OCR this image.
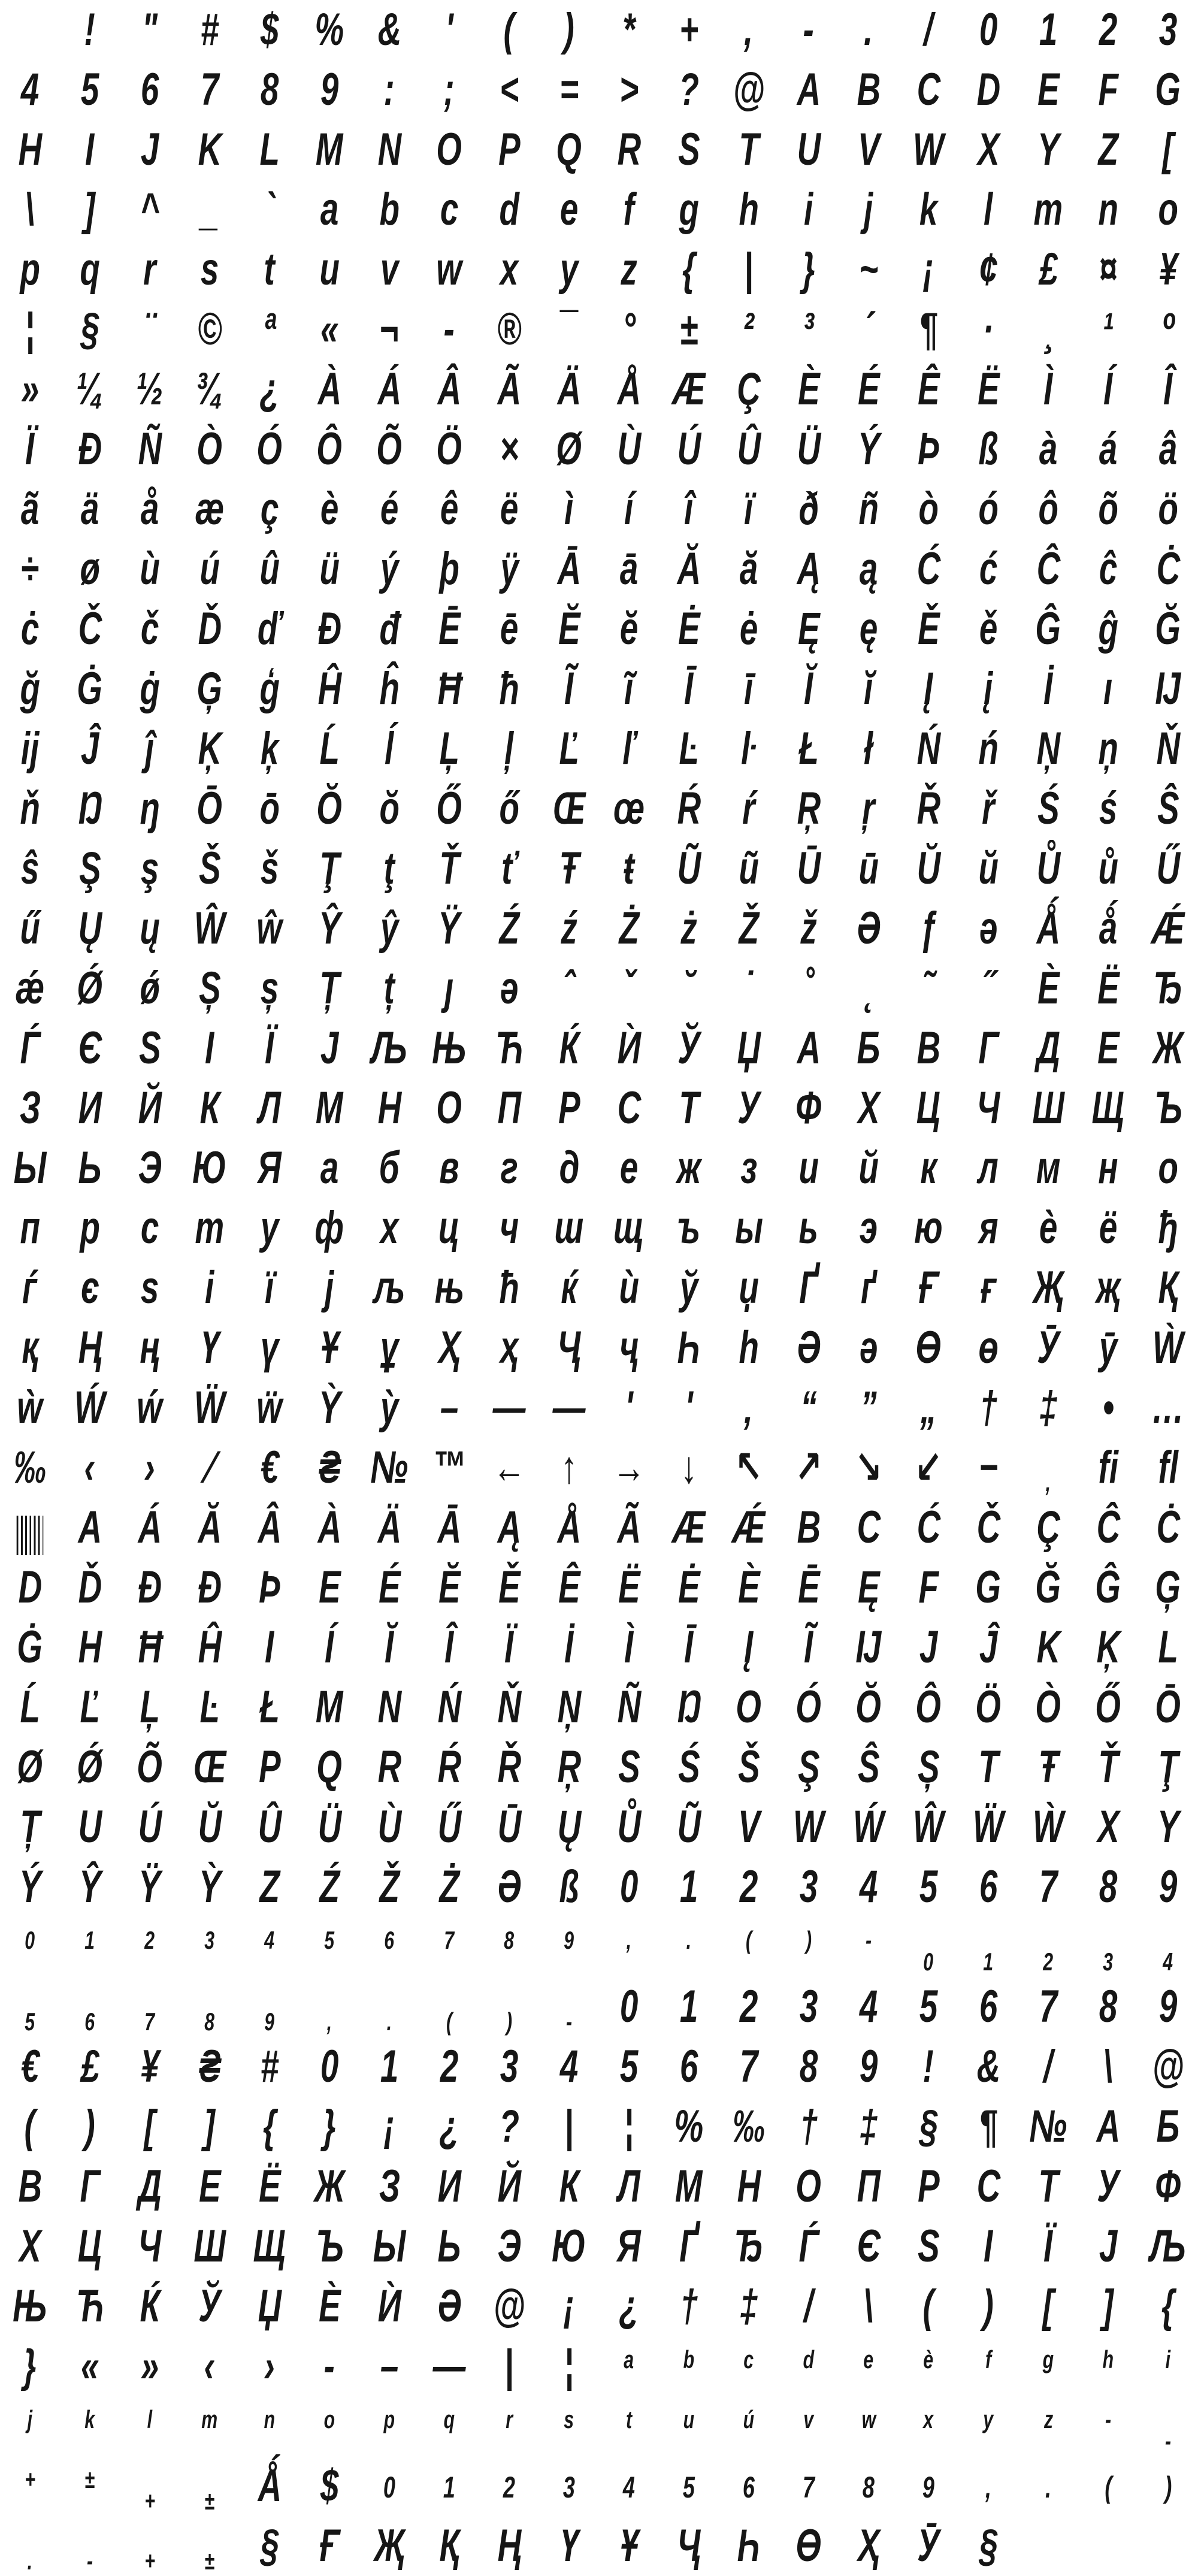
!	" # $ % & '	(	)	* +	,	-	.	/	0 1 2 3
4 5 6 7 8 9 :	; < = > ? @ A B C D E F G
H I	J K L M N O P Q R S T U V W X Y Z [
\	] ^ _ ` a b c d e f g h i	j	k	l m n o
p q r s t u v w x y z {	|	} ~ ¡ ¢ £ ¤ ¥
¦	§ ¨ © ª « ¬ - ® ¯ ° ± ²	³	´ ¶ ·	¸	¹	º
» ¼ ½ ¾ ¿ À Á Â Ã Ä Å Æ Ç È É Ê Ë Ì	Í	Î
Ï Ð Ñ Ò Ó Ô Õ Ö × Ø Ù Ú Û Ü Ý Þ ß à á â
ã ä å æ ç è é ê ë	ì	í	î	ï ð ñ ò ó ô õ ö
÷ ø ù ú û ü ý þ ÿ Ā ā Ă ă Ą ą Ć ć Ĉ ĉ Ċ
ċ Č č Ď ď Đ đ Ē ē Ĕ ĕ Ė ė Ę ę Ě ě Ĝ ĝ Ğ
ğ Ġ ġ Ģ ģ Ĥ ĥ Ħ ħ Ĩ	ĩ	Ī	ī	Ĭ	ĭ	Į	į	İ	ı Ĳ
ĳ Ĵ	ĵ Ķ ķ Ĺ ĺ Ļ ļ Ľ ľ Ŀ ŀ Ł ł Ń ń Ņ ņ Ň
ň Ŋ ŋ Ō ō Ŏ ŏ Ő ő Œ œ Ŕ ŕ Ŗ ŗ Ř ř Ś ś Ŝ
ŝ Ş ş Š š Ţ ţ Ť ť Ŧ ŧ Ũ ũ Ū ū Ŭ ŭ Ů ů Ű
ű Ų ų Ŵ ŵ Ŷ ŷ Ÿ Ź ź Ż ż Ž ž Ə ƒ ə Ǻ ǻ Ǽ
ǽ Ǿ ǿ Ș ș Ț ț	ȷ	ə ˆ	ˇ	˘	˙	˚	˛	˜	˝ Ѐ Ё Ђ
Ѓ Є Ѕ І	Ї	Ј Љ Њ Ћ Ќ Ѝ Ў Џ А Б В Г Д Е Ж
З И Й К Л М Н О П Р С Т У Ф Х Ц Ч Ш Щ Ъ
Ы Ь Э Ю Я а б в г д е ж з и й к л м н о
п р с т у ф х ц ч ш щ ъ ы ь э ю я ѐ ё ђ
ѓ є ѕ	і	ї	ј љ њ ћ ќ ѝ ў џ Ґ ґ Ғ ғ Җ җ Қ
қ Ң ң Ү ү Ұ ұ Ҳ ҳ Ҷ ҷ Һ һ Ә ә Ө ө Ӯ ӯ Ẁ
ẁ Ẃ ẃ Ẅ ẅ Ỳ ỳ – — ― '	'	‚	“ ” „ † ‡ • …
‰ ‹	›	⁄	€ ₴ № ™ ← ↑ → ↓ ↖ ↗ ↘ ↙ −	,	fi fl
A Á Ă Â À Ä Ā Ą Å Ã Æ Ǽ B C Ć Č Ç Ĉ Ċ
D Ď Đ Ð Þ E É Ĕ Ě Ê Ë Ė È Ē Ę F G Ğ Ĝ Ģ
Ġ H Ħ Ĥ I	Í	Ĭ	Î	Ï	İ	Ì	Ī	Į	Ĩ Ĳ J Ĵ K Ķ L
Ĺ Ľ Ļ Ŀ Ł M N Ń Ň Ņ Ñ Ŋ O Ó Ŏ Ô Ö Ò Ő Ō
Ø Ǿ Õ Œ P Q R Ŕ Ř Ŗ S Ś Š Ş Ŝ Ș T Ŧ Ť Ţ
Ț U Ú Ŭ Û Ü Ù Ű Ū Ų Ů Ũ V W Ẃ Ŵ Ẅ Ẁ X Y
Ý Ŷ Ÿ Ỳ Z Ź Ž Ż Ə ß 0 1 2 3 4 5 6 7 8 9
0	1	2	3	4	5	6	7	8	9	,	.	(	)	-
0	1	2	3	4
5	6	7	8	9	,	.	(	)	-	0 1 2 3 4 5 6 7 8 9
€ £ ¥ ₴ # 0 1 2 3 4 5 6 7 8 9 ! & /	\ @
(	)	[	]	{	}	¡ ¿ ? |	¦ % ‰ † ‡ § ¶ № А Б
В Г Д Е Ё Ж З И Й К Л М Н О П Р С Т У Ф
Х Ц Ч Ш Щ Ъ Ы Ь Э Ю Я Ґ Ђ Ѓ Є Ѕ І	Ї	Ј Љ
Њ Ћ Ќ Ў Џ Ѐ Ѝ Ә @ ¡ ¿ † ‡	/	\	(	)	[	]	{
} « » ‹	›	- – — |	¦	a	b	c	d	e	è	f	g	h	i
j	k	l	m	n	o	p	q	r	s	t	u	ú	v	w	x	y	z	-
-
+	±
+	± Ǻ $	0	1	2	3	4	5	6	7	8	9	,	.	(	)
.	-	+	±	§ Ғ Җ Қ Ң Ү Ұ Ҷ Һ Ө Ҳ Ӯ §
